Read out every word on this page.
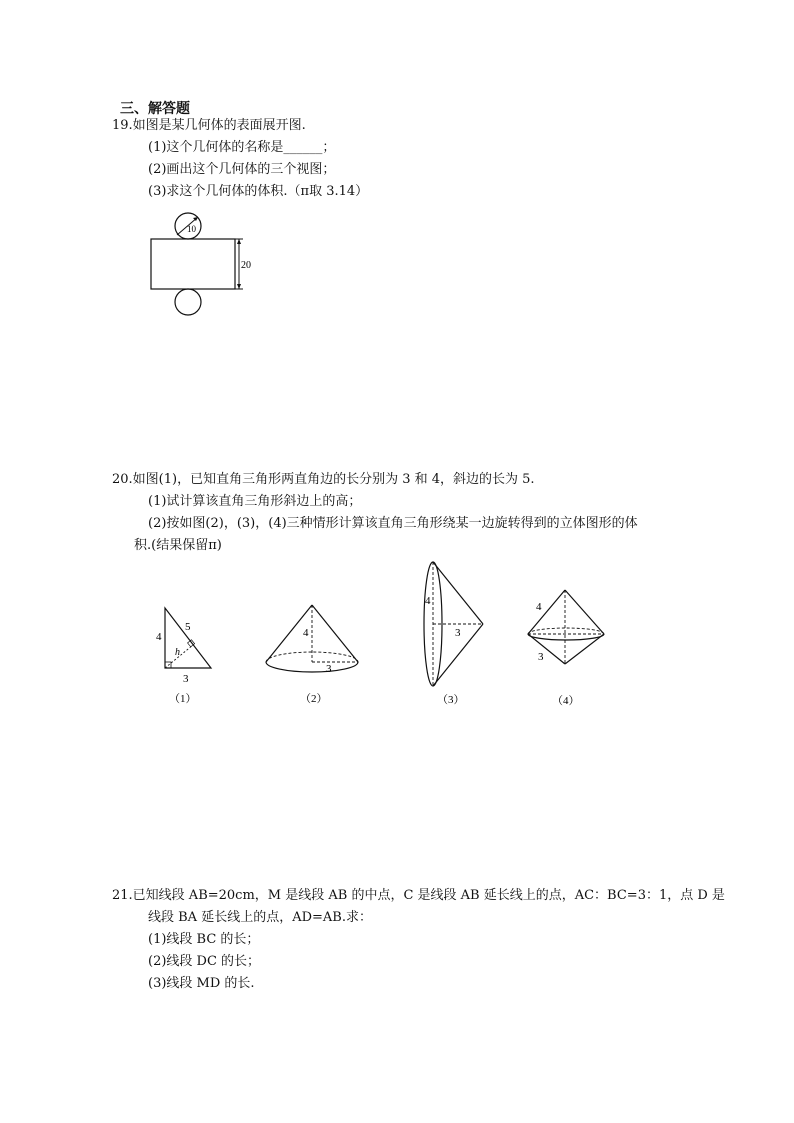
三、解答题
19.如图是某几何体的表面展开图.
(1)这个几何体的名称是______；
(2)画出这个几何体的三个视图；
(3)求这个几何体的体积.（π取 3.14）
10
20
20.如图(1)，已知直角三角形两直角边的长分别为 3 和 4，斜边的长为 5.
(1)试计算该直角三角形斜边上的高；
(2)按如图(2)，(3)，(4)三种情形计算该直角三角形绕某一边旋转得到的立体图形的体
积.(结果保留π)
4
5
3
h
（1）
4
3
（2）
4
3
（3）
4
3
（4）
21.已知线段 AB=20cm，M 是线段 AB 的中点，C 是线段 AB 延长线上的点，AC：BC=3：1，点 D 是
线段 BA 延长线上的点，AD=AB.求：
(1)线段 BC 的长；
(2)线段 DC 的长；
(3)线段 MD 的长.
